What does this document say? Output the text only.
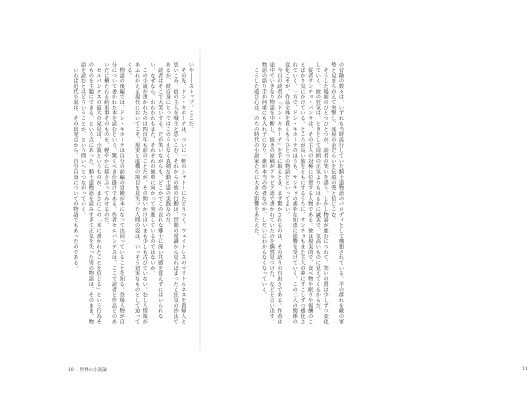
いや――ストップ。ここだ。
　その先、ドン・キホーテは、ついに一軒のシャトーにたどりつく。ウェイトレスのマリトルネスを貴婦人と思いこみ、宿の主人を城主と思いこむ。それからの彼の行動は、世間の常識から見ればまったく狂気の沙汰であるが、彼自身にとってはこのうえなく真剣な騎士道の実践なのだ。
　読者はそこで大笑いする。だが笑いながらも、どこかでこの哀れな郷士に深い共感を覚えずにはいられない。なぜなら、われわれもまた、それぞれの風車に向かって突進しているのではないか。
　この小説が書かれたのは四百年も前のことだが、その問いかけはいまも少しも古びていない。むしろ情報があふれかえる現代においてこそ、現実と虚構の境目を見失った人間の姿は、いっそう切実なものとして迫ってくる。
　物語の後編では、ドン・キホーテは自分の前編の冒険が本になって出回っていることを知る。登場人物が自分について書かれた本を読むという、驚くべき仕掛けである。作者セルバンテスは、ここで読者と作品とのあいだに横たわる約束事そのものを、軽やかに揺さぶってみせるのだ。
　セルバンテスの最大の発見は、小説というものが、まさにこの「本に書かれたことを信じる」という行為そのものを主題にできる、という点にあった。騎士道物語を読みすぎて正気を失った男の物語は、そのまま、物語を読むとはどういうことか、という問いへとつながっていく。
　いわば近代小説は、その出発点から、自分自身についての物語でもあったのである。
10 世界の小説論
の冒険の数々は、いずれも当時流行していた騎士道物語のパロディとして構想されている。羊の群れを敵の軍勢と見まちがえて突撃し、床屋の金だらいを伝説の兜と信じこむ。
　そうした場面のひとつひとつが、読者の笑いを誘う。しかし物語が進むにつれて、笑いの質は少しずつ変化していく。彼の狂気は、ときとして周囲の正気よりもはるかに誠実で、気高いものに見えてくるからだ。
　従者サンチョ・パンサは、その主人の対極に位置する人物である。彼は現実的で、食べ物や眠りや報酬のことばかり気にかけている。ところが長い旅をともにするうちに、サンチョもまた主人の夢にすこしずつ感化されていく。一方で、ドン・キホーテのほうも、サンチョの素朴な知恵に影響を受けていく。この二人の関係の変化こそが、作品全体を貫くもうひとつの物語だといってよい。
　今日の読者が『ドン・キホーテ』を手に取るとき、まず驚かされるのは、その語りの自由さである。作者は途中でいきなり物語を中断し、続きの原稿がアラビア語で書かれていたのを偶然見つけた、などと言い出す。物語の語り手が何重にも入れ子になり、誰が本当の作者なのか、しだいにわからなくなっていく。
　こうした遊び心は、のちの時代の小説家たちに大きな影響をあたえた。
11
